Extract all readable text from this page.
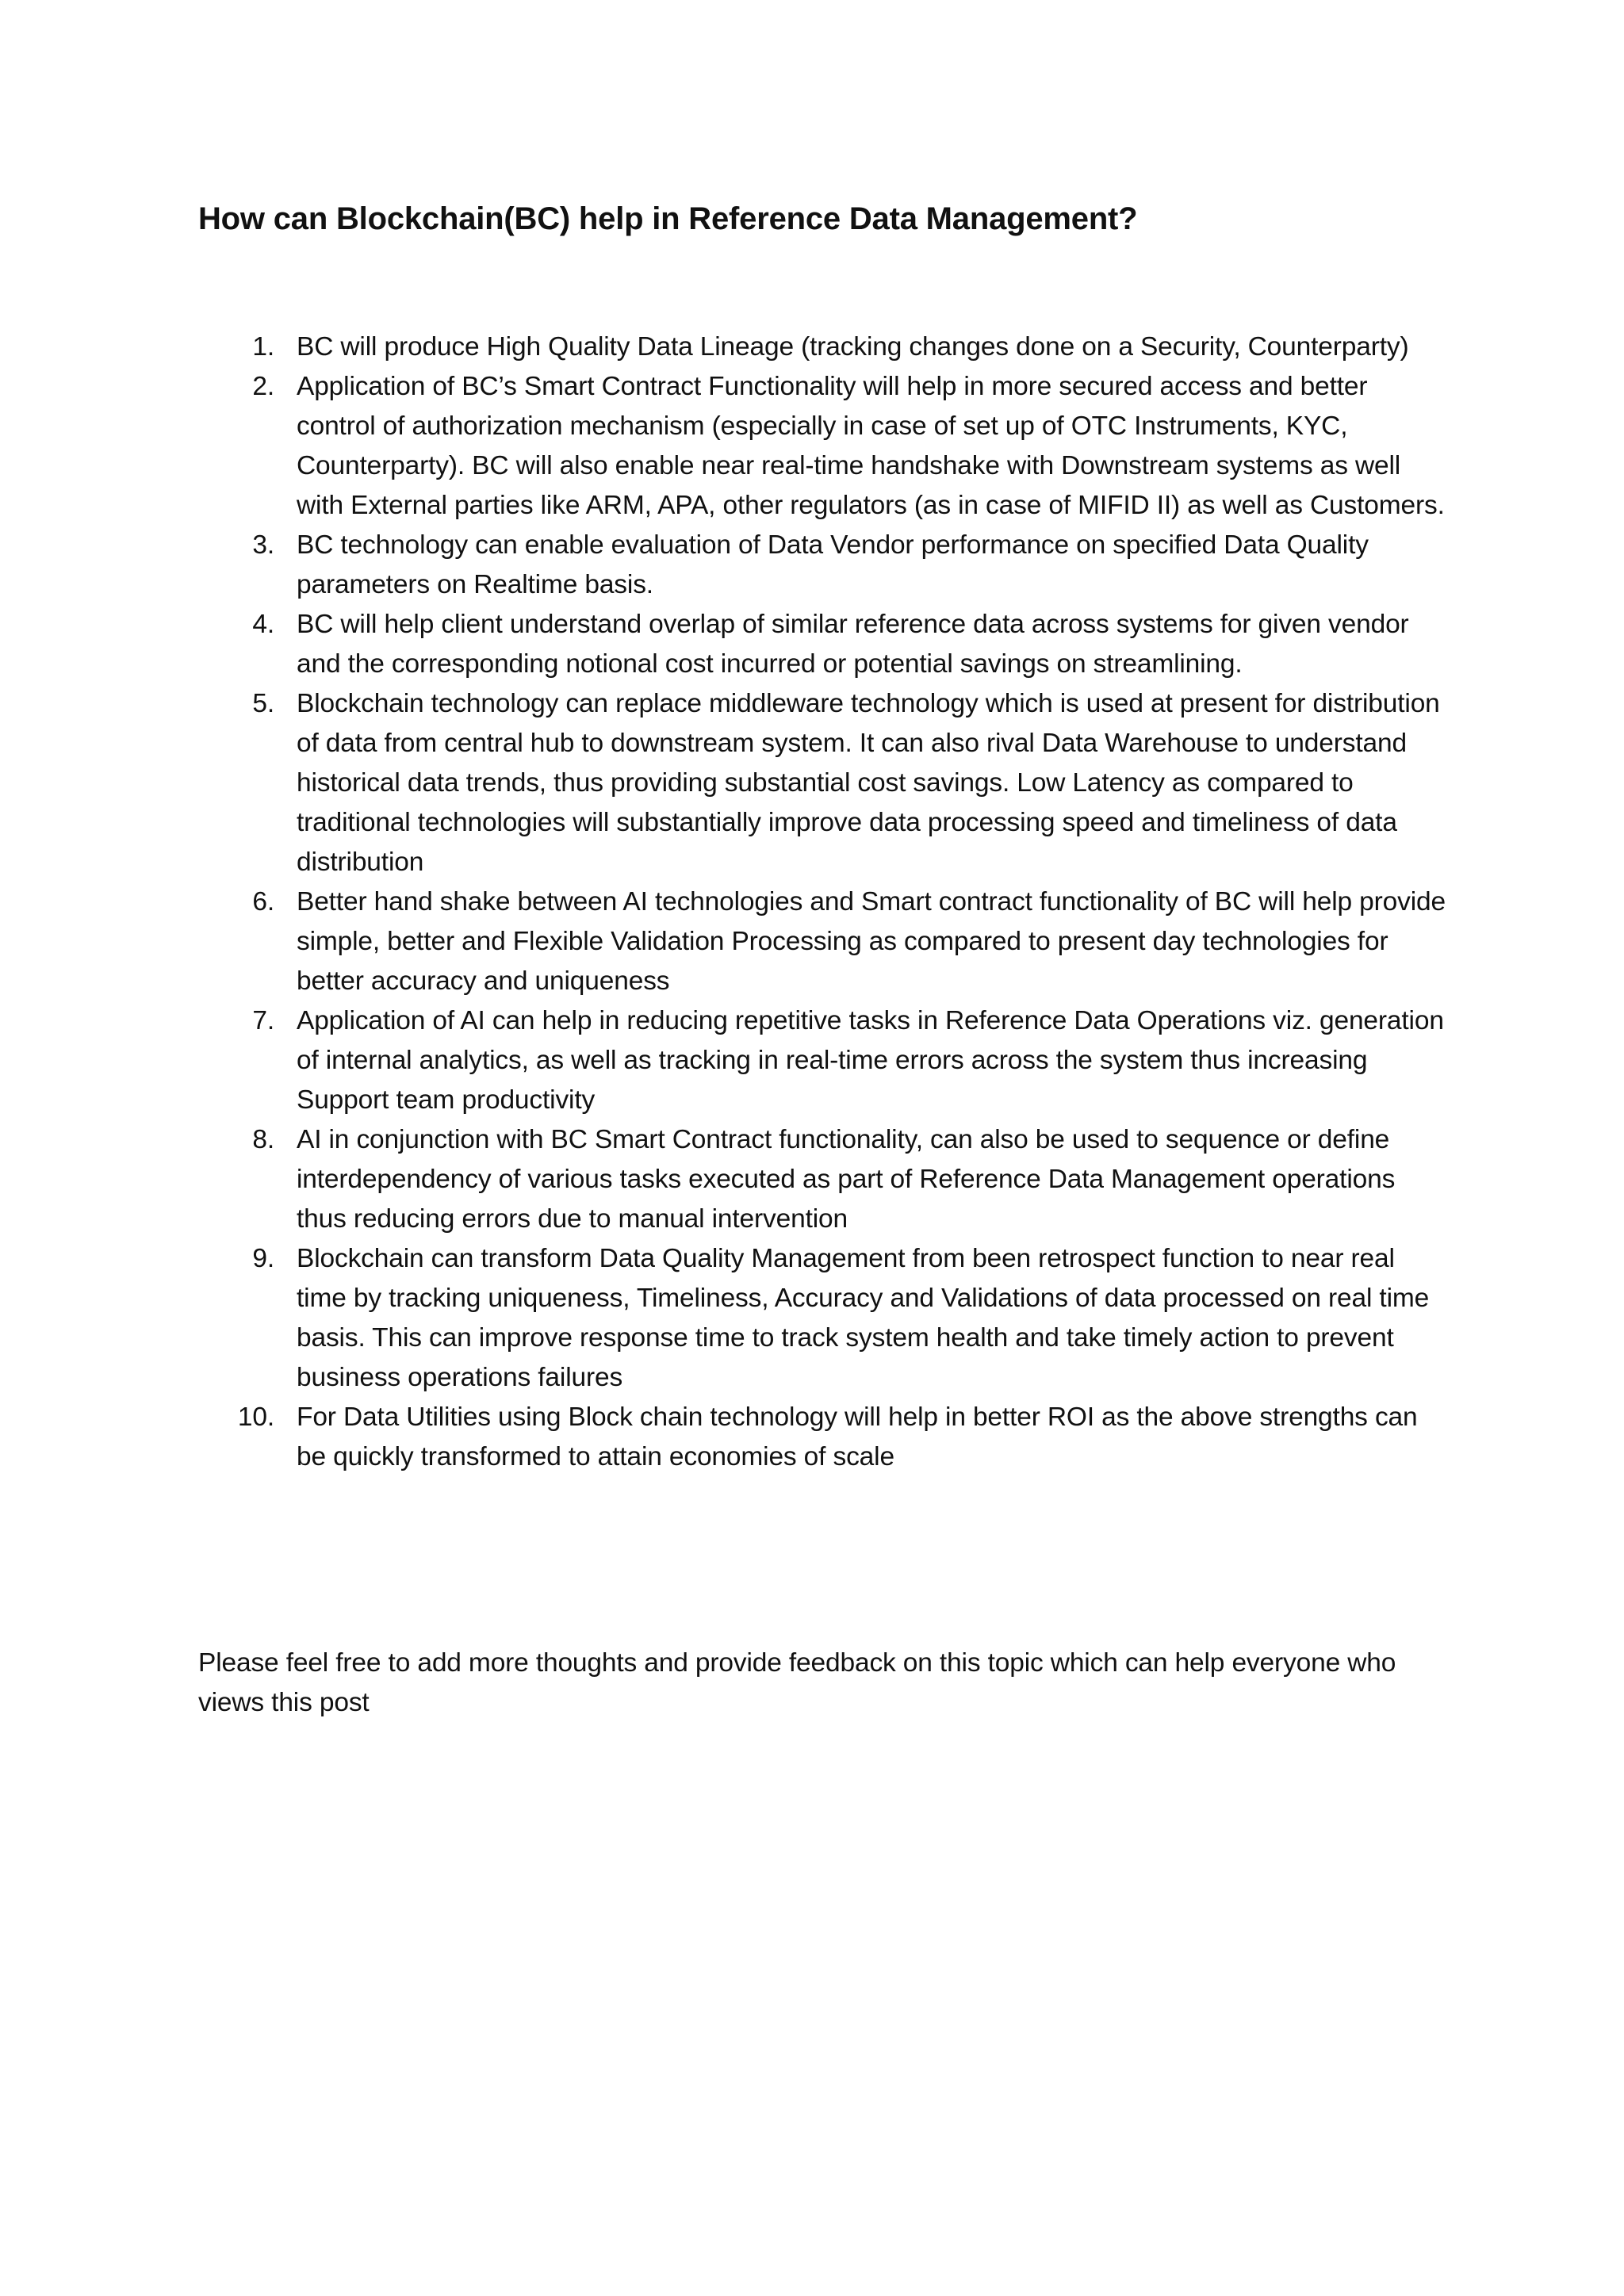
How can Blockchain(BC) help in Reference Data Management?
1. BC will produce High Quality Data Lineage (tracking changes done on a Security, Counterparty)
2. Application of BC’s Smart Contract Functionality will help in more secured access and better control of authorization mechanism (especially in case of set up of OTC Instruments, KYC, Counterparty). BC will also enable near real-time handshake with Downstream systems as well with External parties like ARM, APA, other regulators (as in case of MIFID II) as well as Customers.
3. BC technology can enable evaluation of Data Vendor performance on specified Data Quality parameters on Realtime basis.
4. BC will help client understand overlap of similar reference data across systems for given vendor and the corresponding notional cost incurred or potential savings on streamlining.
5. Blockchain technology can replace middleware technology which is used at present for distribution of data from central hub to downstream system. It can also rival Data Warehouse to understand historical data trends, thus providing substantial cost savings. Low Latency as compared to traditional technologies will substantially improve data processing speed and timeliness of data distribution
6. Better hand shake between AI technologies and Smart contract functionality of BC will help provide simple, better and Flexible Validation Processing as compared to present day technologies for better accuracy and uniqueness
7. Application of AI can help in reducing repetitive tasks in Reference Data Operations viz. generation of internal analytics, as well as tracking in real-time errors across the system thus increasing Support team productivity
8. AI in conjunction with BC Smart Contract functionality, can also be used to sequence or define interdependency of various tasks executed as part of Reference Data Management operations thus reducing errors due to manual intervention
9. Blockchain can transform Data Quality Management from been retrospect function to near real time by tracking uniqueness, Timeliness, Accuracy and Validations of data processed on real time basis. This can improve response time to track system health and take timely action to prevent business operations failures
10. For Data Utilities using Block chain technology will help in better ROI as the above strengths can be quickly transformed to attain economies of scale

Please feel free to add more thoughts and provide feedback on this topic which can help everyone who views this post
